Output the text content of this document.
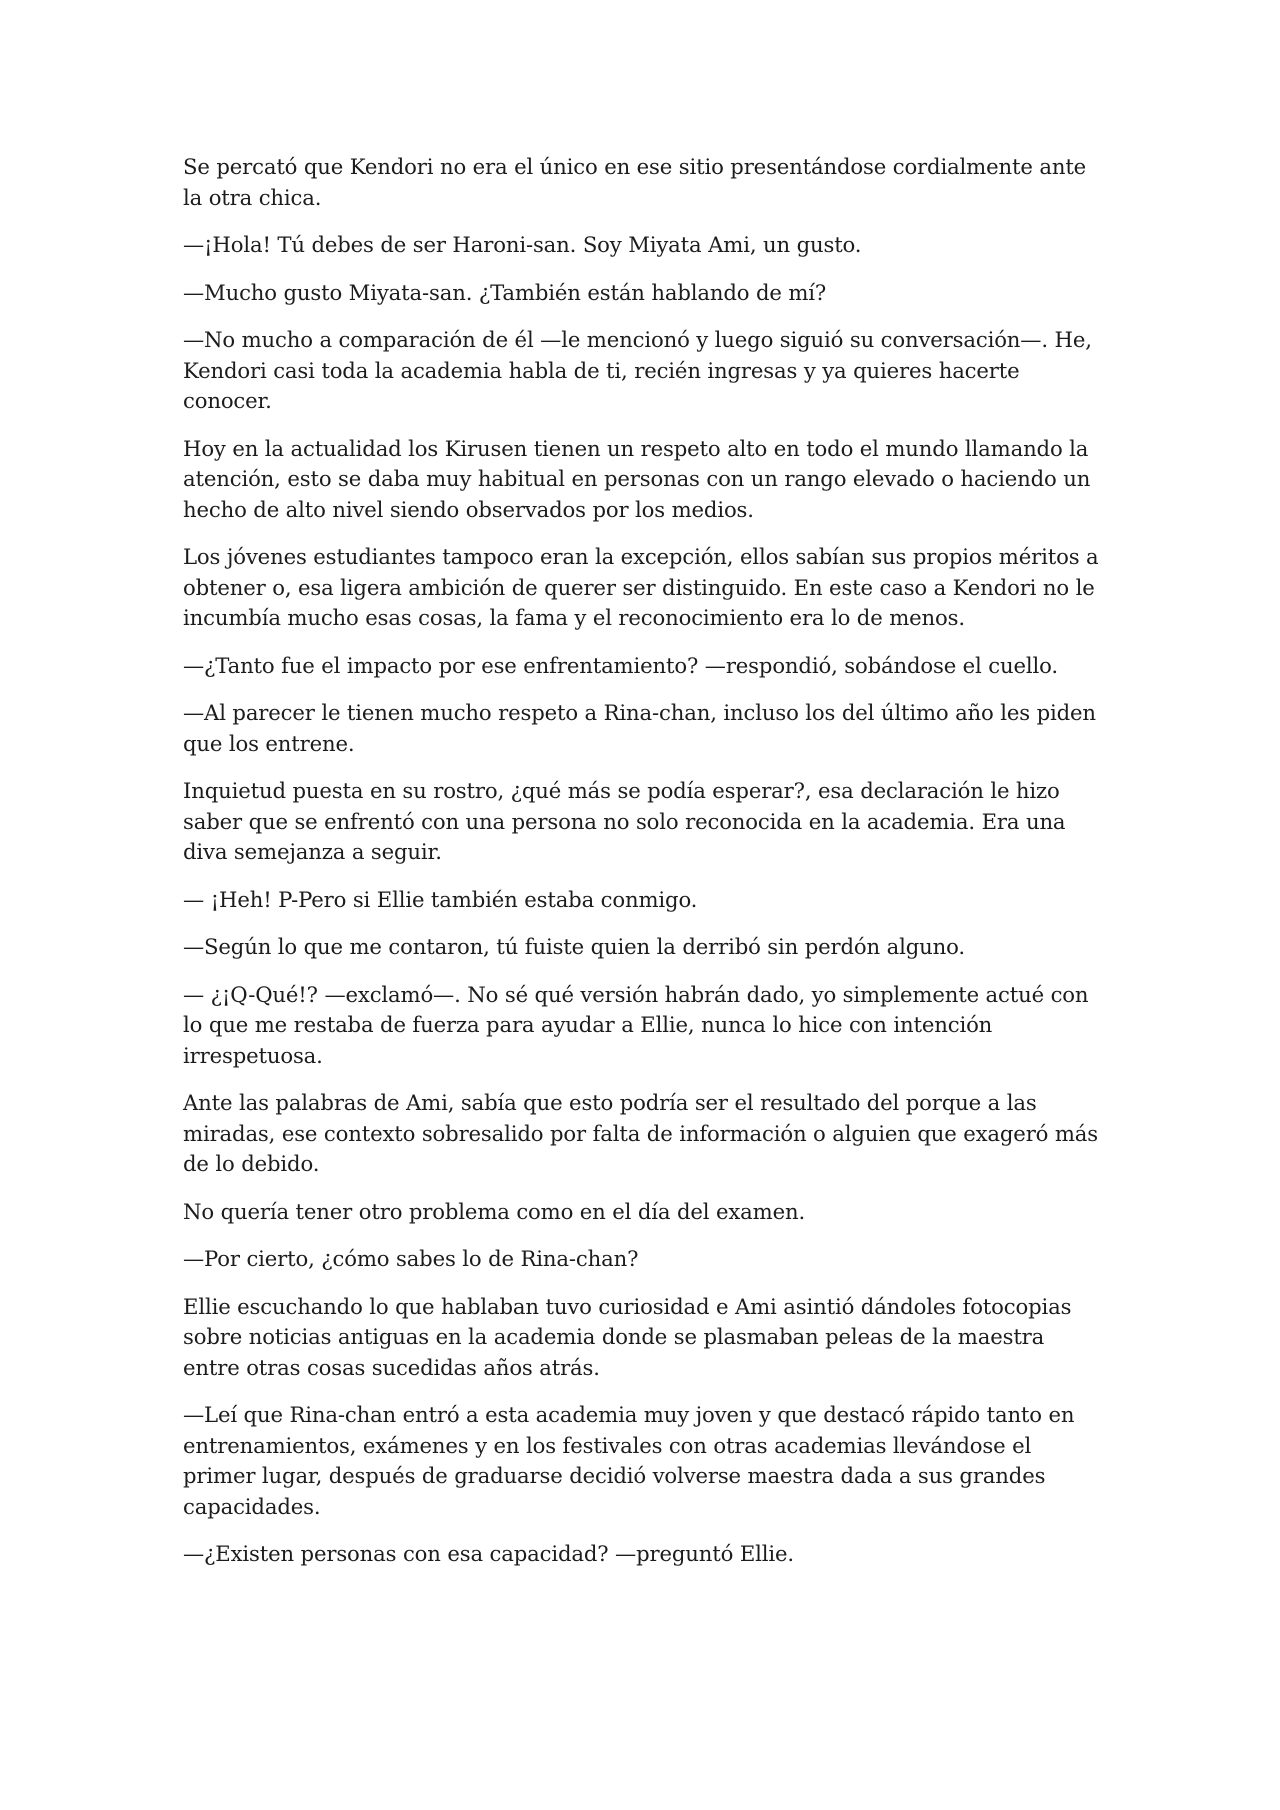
Se percató que Kendori no era el único en ese sitio presentándose cordialmente ante la otra chica.

—¡Hola! Tú debes de ser Haroni-san. Soy Miyata Ami, un gusto.

—Mucho gusto Miyata-san. ¿También están hablando de mí?

—No mucho a comparación de él —le mencionó y luego siguió su conversación—. He, Kendori casi toda la academia habla de ti, recién ingresas y ya quieres hacerte conocer.

Hoy en la actualidad los Kirusen tienen un respeto alto en todo el mundo llamando la atención, esto se daba muy habitual en personas con un rango elevado o haciendo un hecho de alto nivel siendo observados por los medios.

Los jóvenes estudiantes tampoco eran la excepción, ellos sabían sus propios méritos a obtener o, esa ligera ambición de querer ser distinguido. En este caso a Kendori no le incumbía mucho esas cosas, la fama y el reconocimiento era lo de menos.

—¿Tanto fue el impacto por ese enfrentamiento? —respondió, sobándose el cuello.

—Al parecer le tienen mucho respeto a Rina-chan, incluso los del último año les piden que los entrene.

Inquietud puesta en su rostro, ¿qué más se podía esperar?, esa declaración le hizo saber que se enfrentó con una persona no solo reconocida en la academia. Era una diva semejanza a seguir.

— ¡Heh! P-Pero si Ellie también estaba conmigo.

—Según lo que me contaron, tú fuiste quien la derribó sin perdón alguno.

— ¿¡Q-Qué!? —exclamó—. No sé qué versión habrán dado, yo simplemente actué con lo que me restaba de fuerza para ayudar a Ellie, nunca lo hice con intención irrespetuosa.

Ante las palabras de Ami, sabía que esto podría ser el resultado del porque a las miradas, ese contexto sobresalido por falta de información o alguien que exageró más de lo debido.

No quería tener otro problema como en el día del examen.

—Por cierto, ¿cómo sabes lo de Rina-chan?

Ellie escuchando lo que hablaban tuvo curiosidad e Ami asintió dándoles fotocopias sobre noticias antiguas en la academia donde se plasmaban peleas de la maestra entre otras cosas sucedidas años atrás.

—Leí que Rina-chan entró a esta academia muy joven y que destacó rápido tanto en entrenamientos, exámenes y en los festivales con otras academias llevándose el primer lugar, después de graduarse decidió volverse maestra dada a sus grandes capacidades.

—¿Existen personas con esa capacidad? —preguntó Ellie.
